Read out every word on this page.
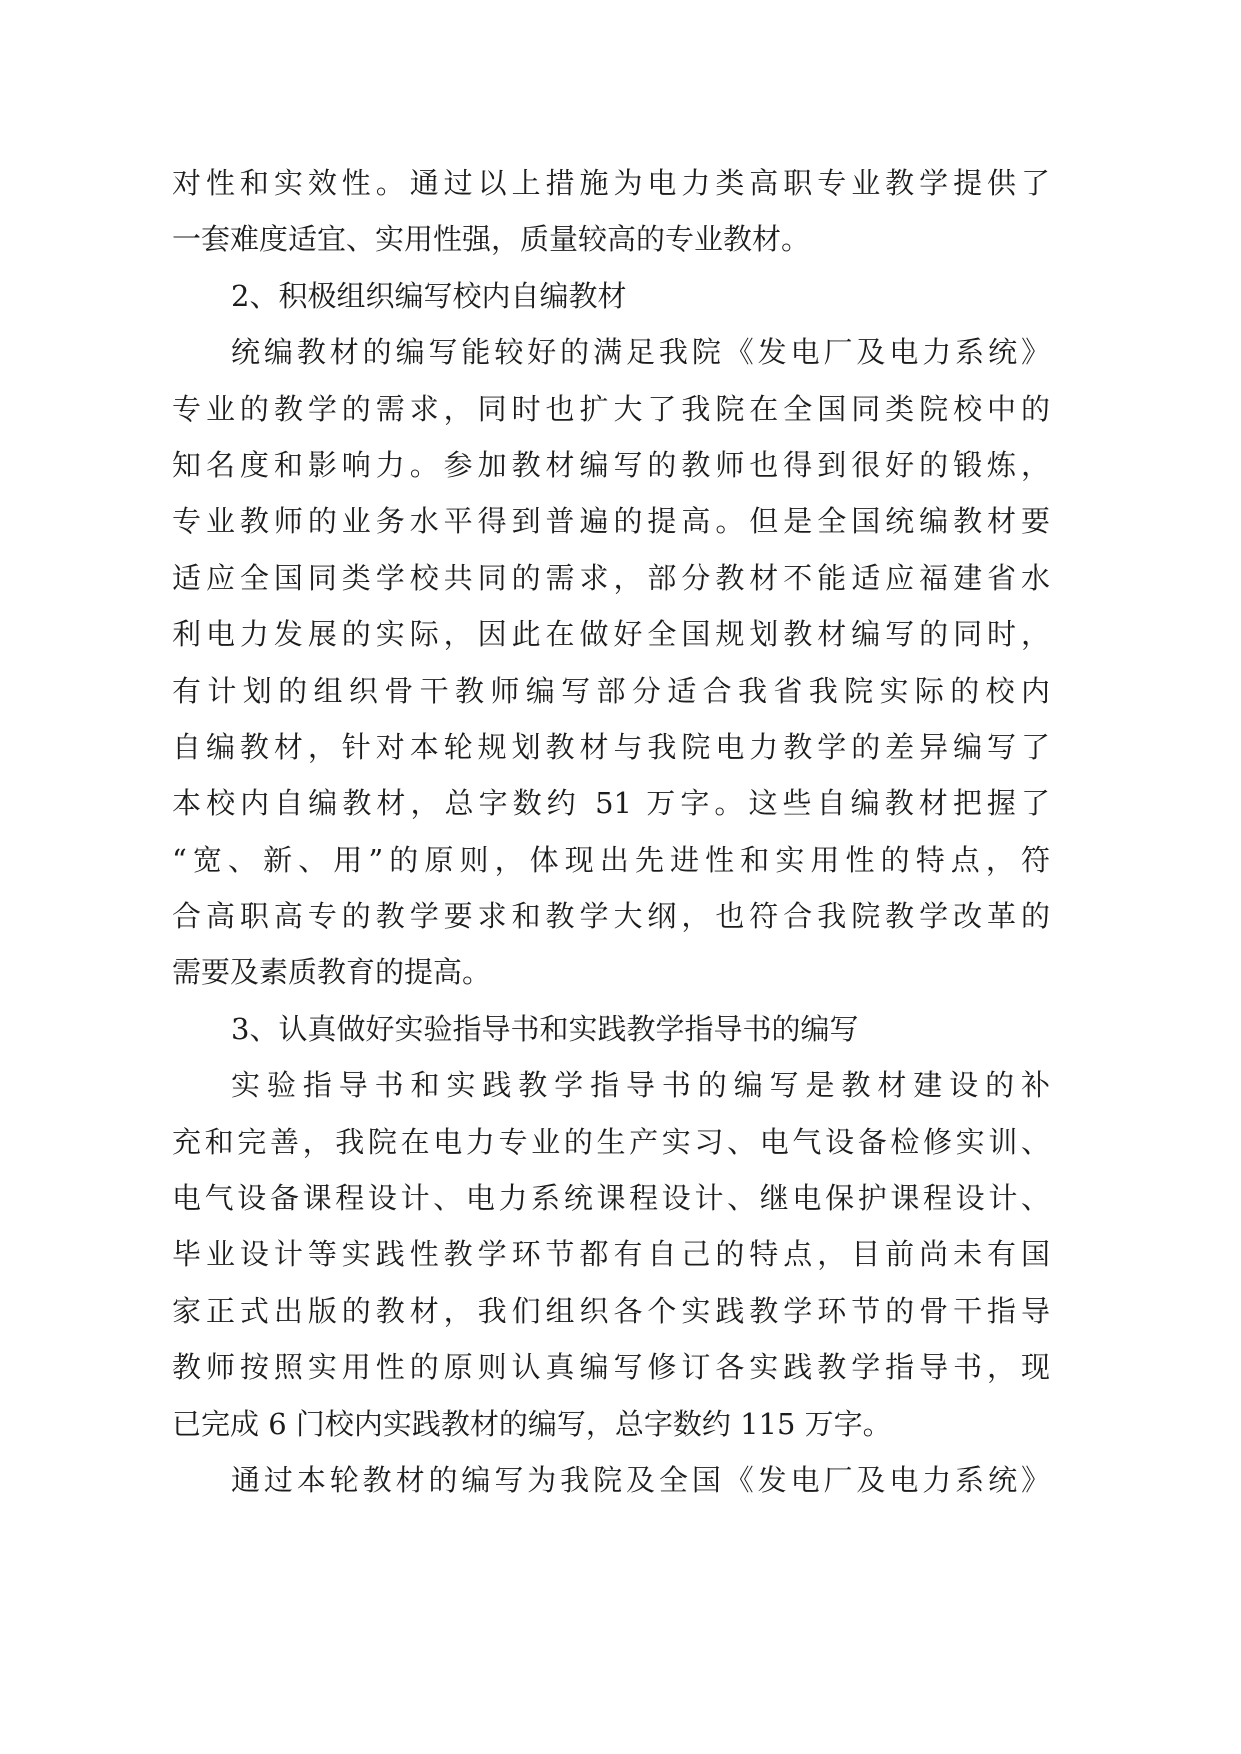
对性和实效性。通过以上措施为电力类高职专业教学提供了
一套难度适宜、实用性强，质量较高的专业教材。
2、积极组织编写校内自编教材
统编教材的编写能较好的满足我院《发电厂及电力系统》
专业的教学的需求，同时也扩大了我院在全国同类院校中的
知名度和影响力。参加教材编写的教师也得到很好的锻炼，
专业教师的业务水平得到普遍的提高。但是全国统编教材要
适应全国同类学校共同的需求，部分教材不能适应福建省水
利电力发展的实际，因此在做好全国规划教材编写的同时，
有计划的组织骨干教师编写部分适合我省我院实际的校内
自编教材，针对本轮规划教材与我院电力教学的差异编写了
本校内自编教材，总字数约 51 万字。这些自编教材把握了
“宽、新、用”的原则，体现出先进性和实用性的特点，符
合高职高专的教学要求和教学大纲，也符合我院教学改革的
需要及素质教育的提高。
3、认真做好实验指导书和实践教学指导书的编写
实验指导书和实践教学指导书的编写是教材建设的补
充和完善，我院在电力专业的生产实习、电气设备检修实训、
电气设备课程设计、电力系统课程设计、继电保护课程设计、
毕业设计等实践性教学环节都有自己的特点，目前尚未有国
家正式出版的教材，我们组织各个实践教学环节的骨干指导
教师按照实用性的原则认真编写修订各实践教学指导书，现
已完成 6 门校内实践教材的编写，总字数约 115 万字。
通过本轮教材的编写为我院及全国《发电厂及电力系统》
